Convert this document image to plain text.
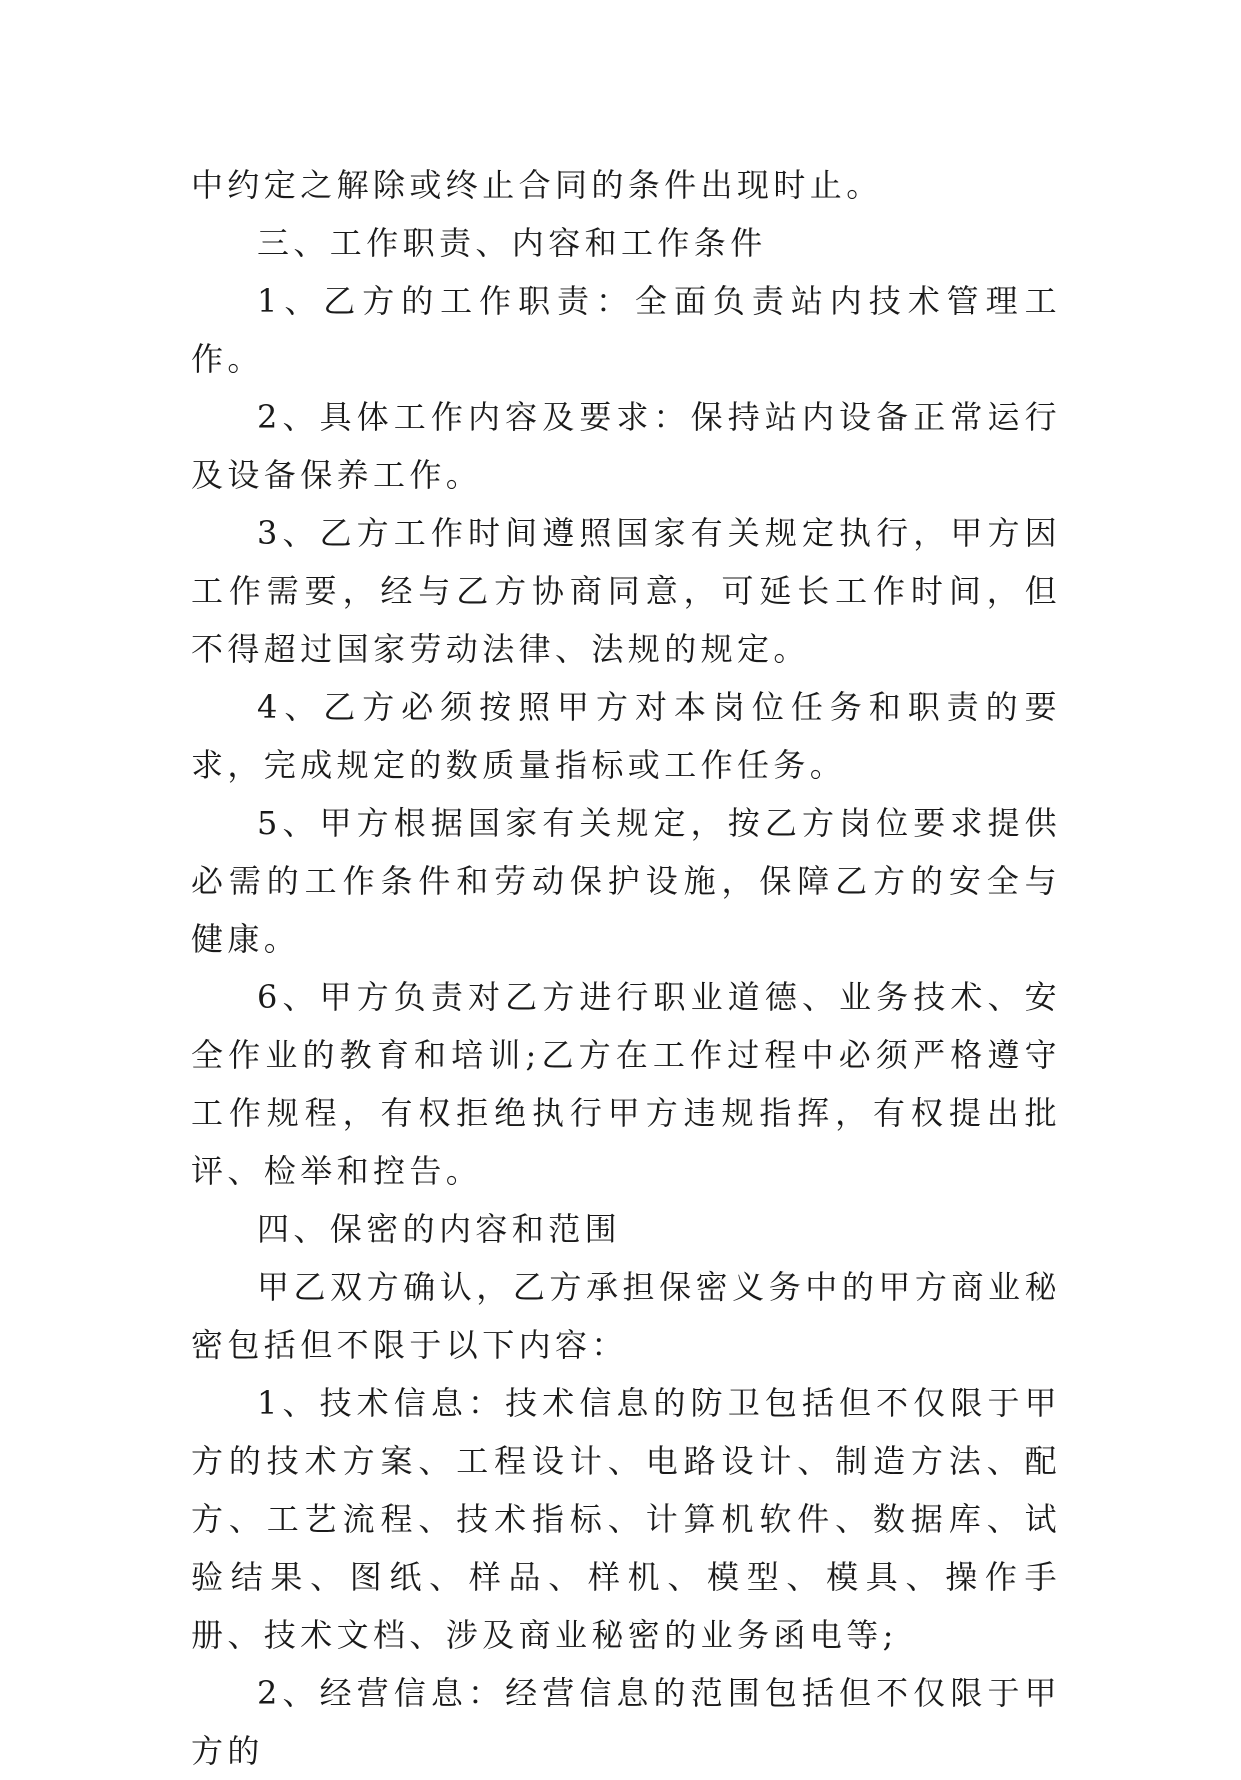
中约定之解除或终止合同的条件出现时止。

三、工作职责、内容和工作条件

1、乙方的工作职责：全面负责站内技术管理工作。

2、具体工作内容及要求：保持站内设备正常运行及设备保养工作。

3、乙方工作时间遵照国家有关规定执行，甲方因工作需要，经与乙方协商同意，可延长工作时间，但不得超过国家劳动法律、法规的规定。

4、乙方必须按照甲方对本岗位任务和职责的要求，完成规定的数质量指标或工作任务。

5、甲方根据国家有关规定，按乙方岗位要求提供必需的工作条件和劳动保护设施，保障乙方的安全与健康。

6、甲方负责对乙方进行职业道德、业务技术、安全作业的教育和培训;乙方在工作过程中必须严格遵守工作规程，有权拒绝执行甲方违规指挥，有权提出批评、检举和控告。

四、保密的内容和范围

甲乙双方确认，乙方承担保密义务中的甲方商业秘密包括但不限于以下内容：

1、技术信息：技术信息的防卫包括但不仅限于甲方的技术方案、工程设计、电路设计、制造方法、配方、工艺流程、技术指标、计算机软件、数据库、试验结果、图纸、样品、样机、模型、模具、操作手册、技术文档、涉及商业秘密的业务函电等;

2、经营信息：经营信息的范围包括但不仅限于甲方的
